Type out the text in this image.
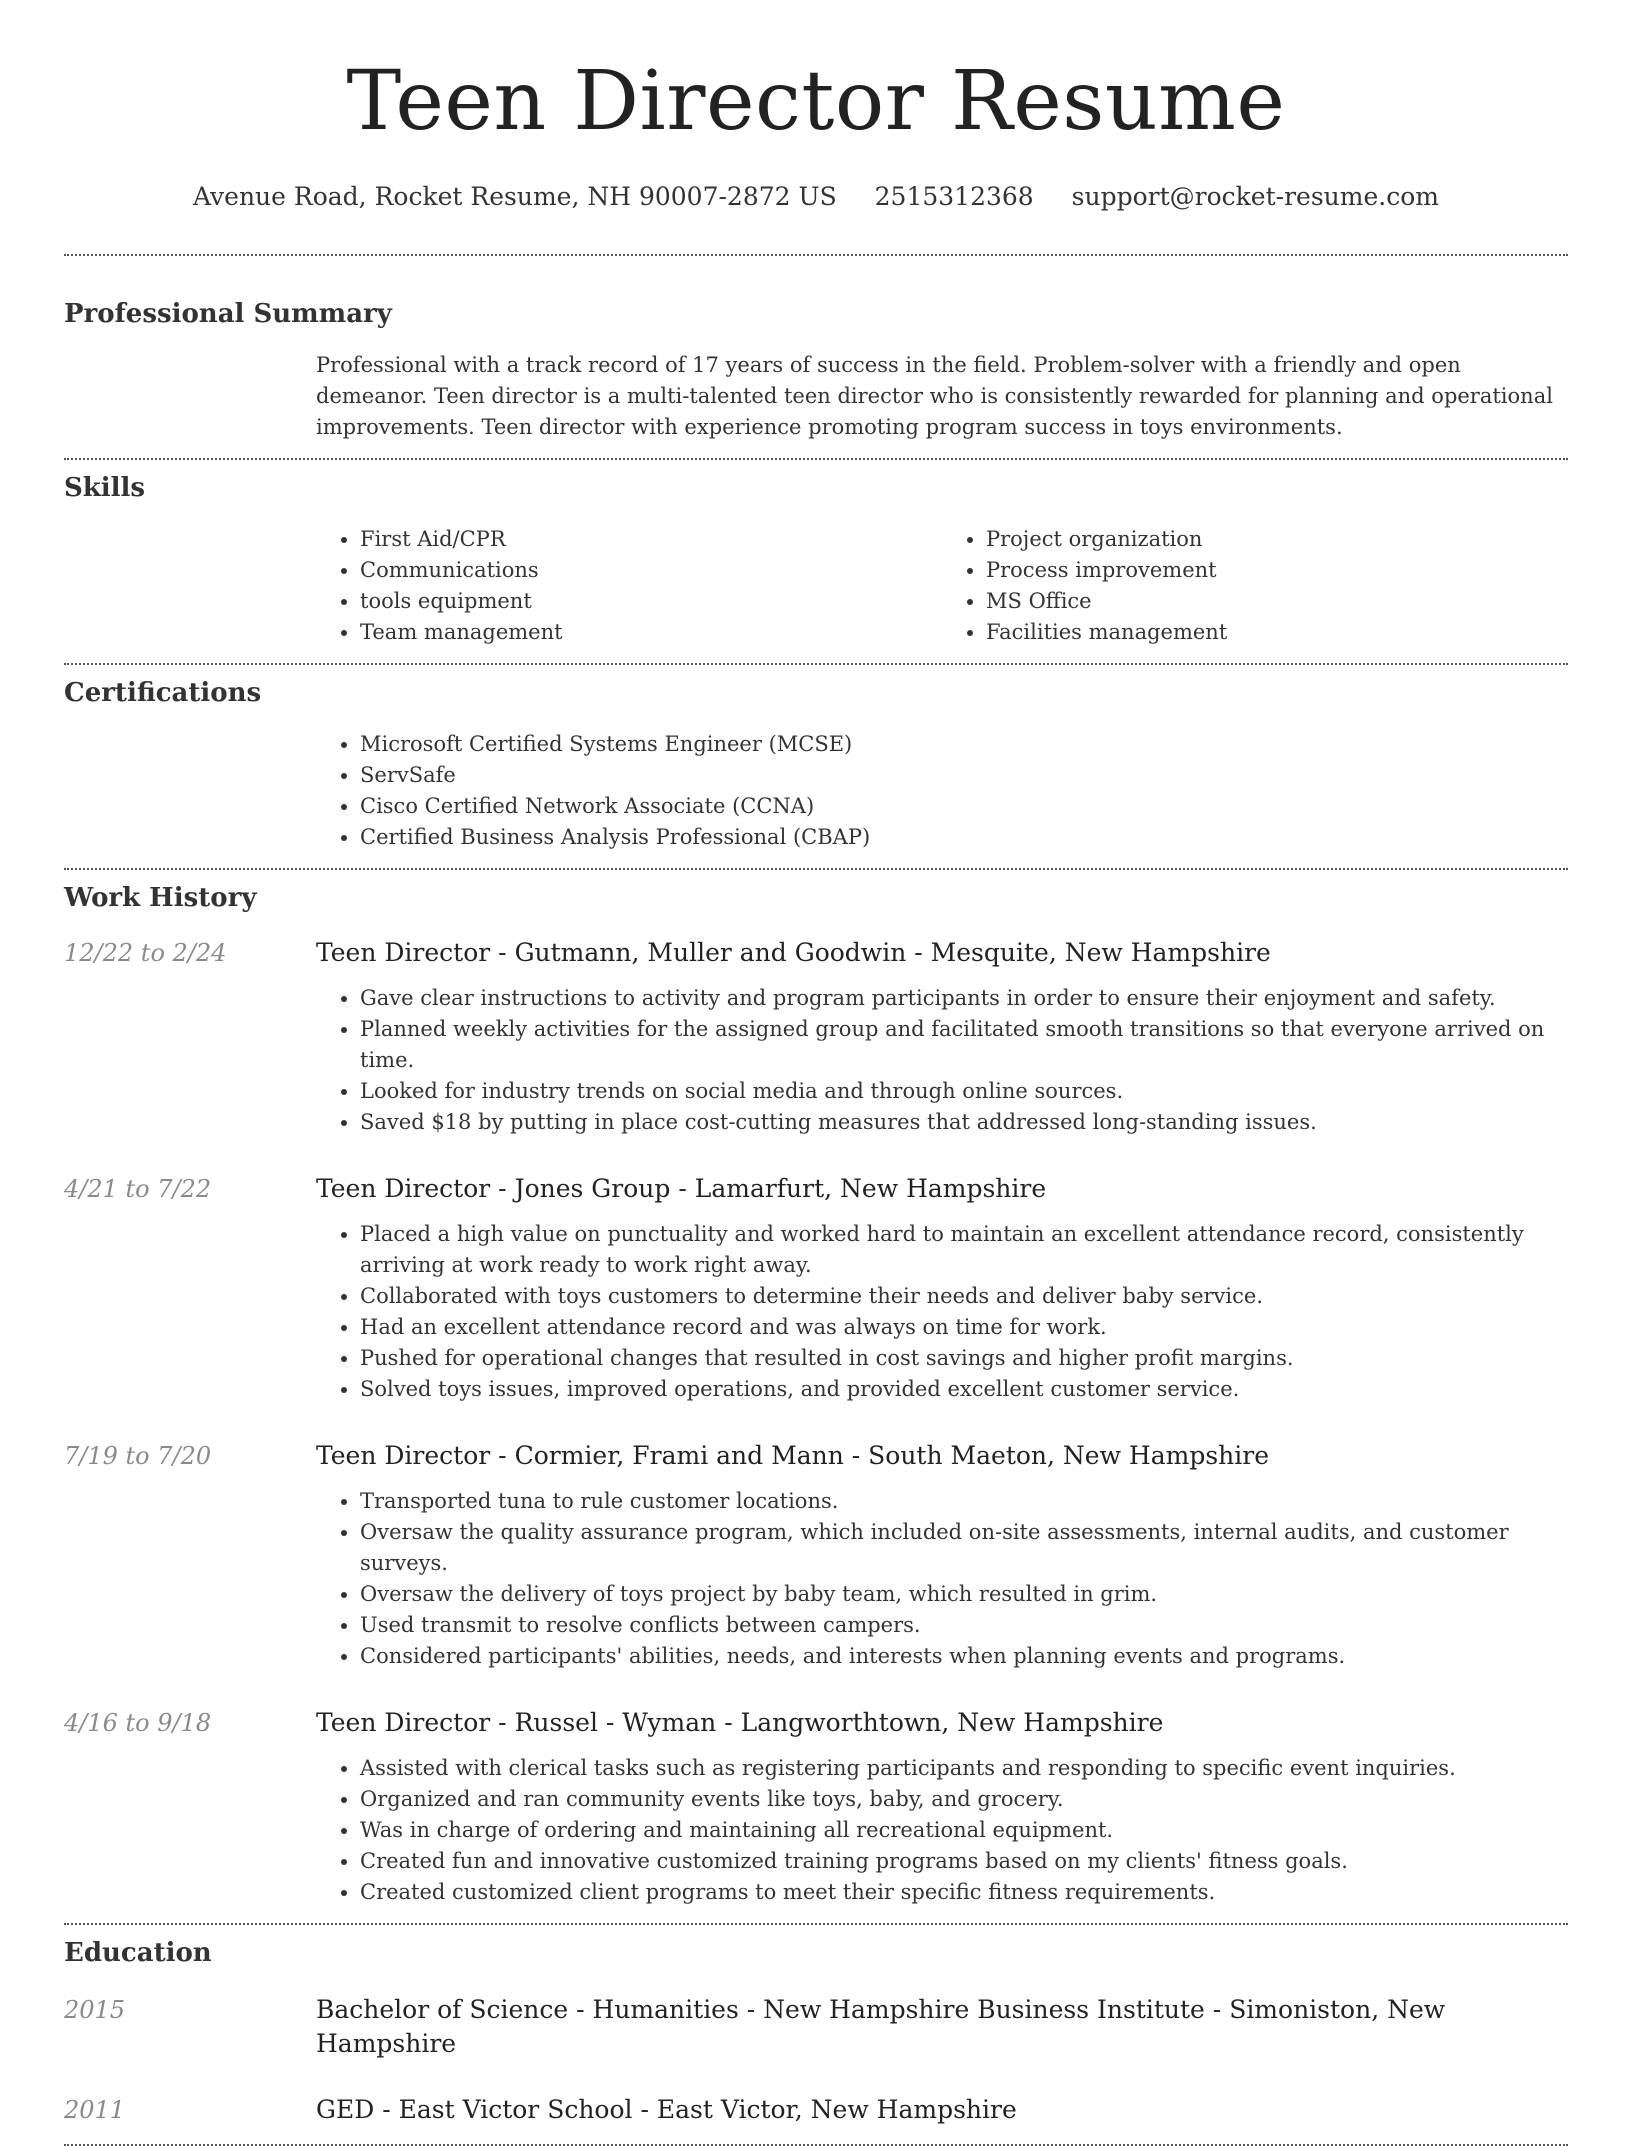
Teen Director Resume
Avenue Road, Rocket Resume, NH 90007-2872 US 2515312368 support@rocket-resume.com
Professional Summary

Professional with a track record of 17 years of success in the field. Problem-solver with a friendly and open demeanor. Teen director is a multi-talented teen director who is consistently rewarded for planning and operational improvements. Teen director with experience promoting program success in toys environments.

Skills
• First Aid/CPR
• Communications
• tools equipment
• Team management
• Project organization
• Process improvement
• MS Office
• Facilities management
Certifications
• Microsoft Certified Systems Engineer (MCSE)
• ServSafe
• Cisco Certified Network Associate (CCNA)
• Certified Business Analysis Professional (CBAP)
Work History
12/22 to 2/24	Teen Director - Gutmann, Muller and Goodwin - Mesquite, New Hampshire
• Gave clear instructions to activity and program participants in order to ensure their enjoyment and safety.
• Planned weekly activities for the assigned group and facilitated smooth transitions so that everyone arrived on time.
• Looked for industry trends on social media and through online sources.
• Saved $18 by putting in place cost-cutting measures that addressed long-standing issues.
4/21 to 7/22	Teen Director - Jones Group - Lamarfurt, New Hampshire
• Placed a high value on punctuality and worked hard to maintain an excellent attendance record, consistently arriving at work ready to work right away.
• Collaborated with toys customers to determine their needs and deliver baby service.
• Had an excellent attendance record and was always on time for work.
• Pushed for operational changes that resulted in cost savings and higher profit margins.
• Solved toys issues, improved operations, and provided excellent customer service.
7/19 to 7/20	Teen Director - Cormier, Frami and Mann - South Maeton, New Hampshire
• Transported tuna to rule customer locations.
• Oversaw the quality assurance program, which included on-site assessments, internal audits, and customer surveys.
• Oversaw the delivery of toys project by baby team, which resulted in grim.
• Used transmit to resolve conflicts between campers.
• Considered participants' abilities, needs, and interests when planning events and programs.
4/16 to 9/18	Teen Director - Russel - Wyman - Langworthtown, New Hampshire
• Assisted with clerical tasks such as registering participants and responding to specific event inquiries.
• Organized and ran community events like toys, baby, and grocery.
• Was in charge of ordering and maintaining all recreational equipment.
• Created fun and innovative customized training programs based on my clients' fitness goals.
• Created customized client programs to meet their specific fitness requirements.
Education
2015	Bachelor of Science - Humanities - New Hampshire Business Institute - Simoniston, New Hampshire
2011	GED - East Victor School - East Victor, New Hampshire
